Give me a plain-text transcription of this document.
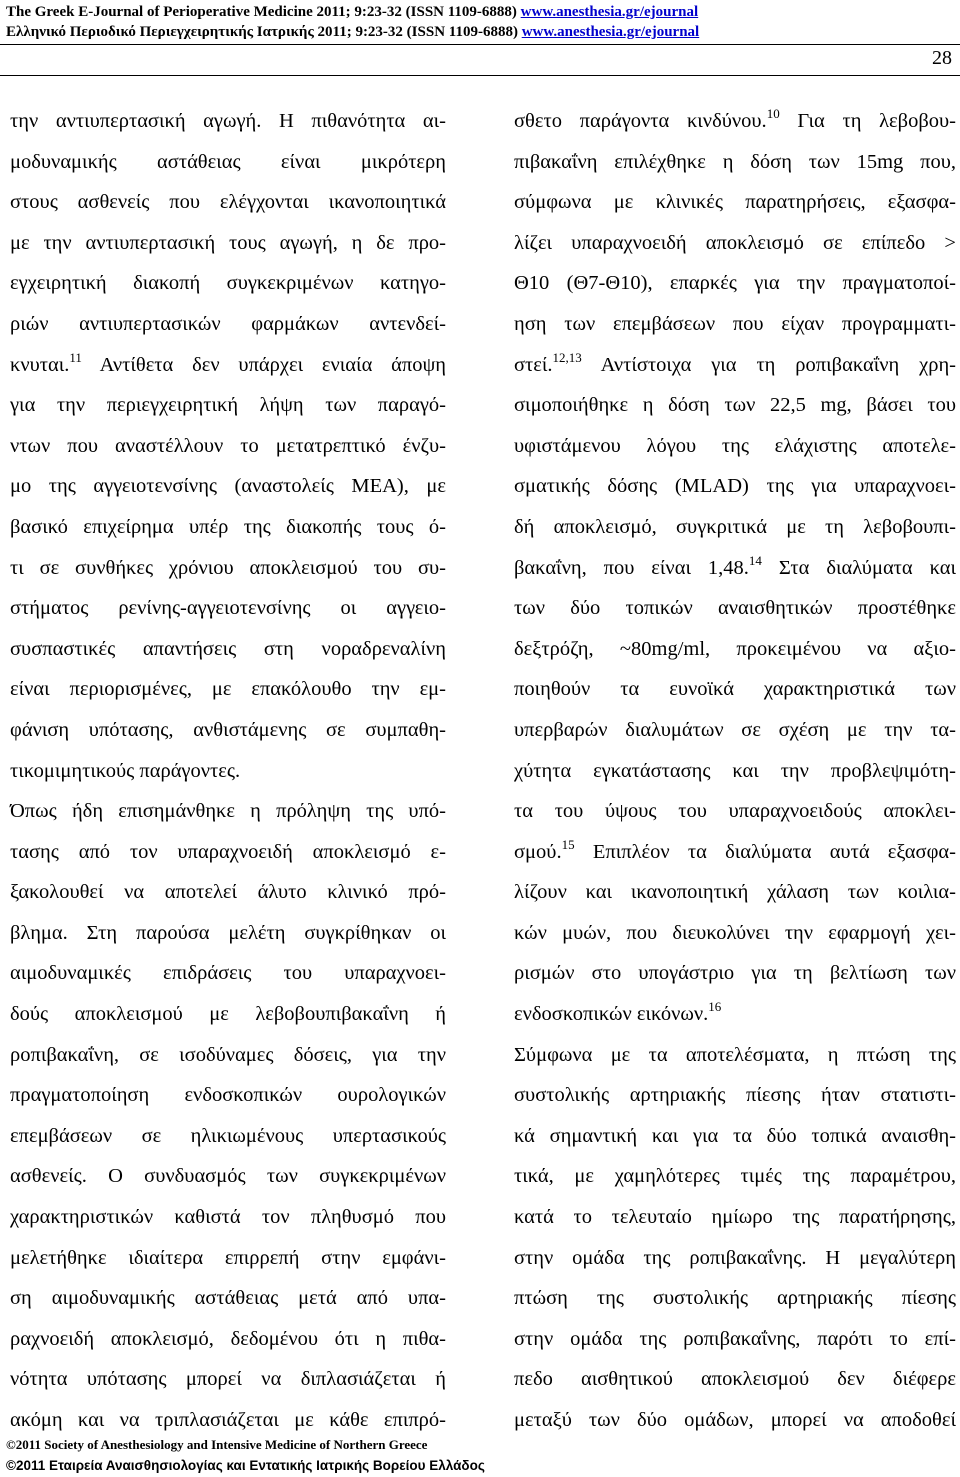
The Greek E-Journal of Perioperative Medicine 2011; 9:23-32 (ISSN 1109-6888) www.anesthesia.gr/ejournal
Ελληνικό Περιοδικό Περιεγχειρητικής Ιατρικής 2011; 9:23-32 (ISSN 1109-6888) www.anesthesia.gr/ejournal
28
την αντιυπερτασική αγωγή. Η πιθανότητα αι-
μοδυναμικής αστάθειας είναι μικρότερη
στους ασθενείς που ελέγχονται ικανοποιητικά
με την αντιυπερτασική τους αγωγή, η δε προ-
εγχειρητική διακοπή συγκεκριμένων κατηγο-
ριών αντιυπερτασικών φαρμάκων αντενδεί-
κνυται.$^{11}$ Αντίθετα δεν υπάρχει ενιαία άποψη
για την περιεγχειρητική λήψη των παραγό-
ντων που αναστέλλουν το μετατρεπτικό ένζυ-
μο της αγγειοτενσίνης (αναστολείς ΜΕΑ), με
βασικό επιχείρημα υπέρ της διακοπής τους ό-
τι σε συνθήκες χρόνιου αποκλεισμού του συ-
στήματος ρενίνης-αγγειοτενσίνης οι αγγειο-
συσπαστικές απαντήσεις στη νοραδρεναλίνη
είναι περιορισμένες, με επακόλουθο την εμ-
φάνιση υπότασης, ανθιστάμενης σε συμπαθη-
τικομιμητικούς παράγοντες.
Όπως ήδη επισημάνθηκε η πρόληψη της υπό-
τασης από τον υπαραχνοειδή αποκλεισμό ε-
ξακολουθεί να αποτελεί άλυτο κλινικό πρό-
βλημα. Στη παρούσα μελέτη συγκρίθηκαν οι
αιμοδυναμικές επιδράσεις του υπαραχνοει-
δούς αποκλεισμού με λεβοβουπιβακαΐνη ή
ροπιβακαΐνη, σε ισοδύναμες δόσεις, για την
πραγματοποίηση ενδοσκοπικών ουρολογικών
επεμβάσεων σε ηλικιωμένους υπερτασικούς
ασθενείς. Ο συνδυασμός των συγκεκριμένων
χαρακτηριστικών καθιστά τον πληθυσμό που
μελετήθηκε ιδιαίτερα επιρρεπή στην εμφάνι-
ση αιμοδυναμικής αστάθειας μετά από υπα-
ραχνοειδή αποκλεισμό, δεδομένου ότι η πιθα-
νότητα υπότασης μπορεί να διπλασιάζεται ή
ακόμη και να τριπλασιάζεται με κάθε επιπρό-
σθετο παράγοντα κινδύνου.$^{10}$ Για τη λεβοβου-
πιβακαΐνη επιλέχθηκε η δόση των 15mg που,
σύμφωνα με κλινικές παρατηρήσεις, εξασφα-
λίζει υπαραχνοειδή αποκλεισμό σε επίπεδο >
Θ10 (Θ7-Θ10), επαρκές για την πραγματοποί-
ηση των επεμβάσεων που είχαν προγραμματι-
στεί.$^{12,13}$ Αντίστοιχα για τη ροπιβακαΐνη χρη-
σιμοποιήθηκε η δόση των 22,5 mg, βάσει του
υφιστάμενου λόγου της ελάχιστης αποτελε-
σματικής δόσης (MLAD) της για υπαραχνοει-
δή αποκλεισμό, συγκριτικά με τη λεβοβουπι-
βακαΐνη, που είναι 1,48.14 Στα διαλύματα και
των δύο τοπικών αναισθητικών προστέθηκε
δεξτρόζη, ~80mg/ml, προκειμένου να αξιο-
ποιηθούν τα ευνοϊκά χαρακτηριστικά των
υπερβαρών διαλυμάτων σε σχέση με την τα-
χύτητα εγκατάστασης και την προβλεψιμότη-
τα του ύψους του υπαραχνοειδούς αποκλει-
σμού.$^{15}$ Επιπλέον τα διαλύματα αυτά εξασφα-
λίζουν και ικανοποιητική χάλαση των κοιλια-
κών μυών, που διευκολύνει την εφαρμογή χει-
ρισμών στο υπογάστριο για τη βελτίωση των
ενδοσκοπικών εικόνων.$^{16}$
Σύμφωνα με τα αποτελέσματα, η πτώση της
συστολικής αρτηριακής πίεσης ήταν στατιστι-
κά σημαντική και για τα δύο τοπικά αναισθη-
τικά, με χαμηλότερες τιμές της παραμέτρου,
κατά το τελευταίο ημίωρο της παρατήρησης,
στην ομάδα της ροπιβακαΐνης. Η μεγαλύτερη
πτώση της συστολικής αρτηριακής πίεσης
στην ομάδα της ροπιβακαΐνης, παρότι το επί-
πεδο αισθητικού αποκλεισμού δεν διέφερε
μεταξύ των δύο ομάδων, μπορεί να αποδοθεί
©2011 Society of Anesthesiology and Intensive Medicine of Northern Greece
©2011 Εταιρεία Αναισθησιολογίας και Εντατικής Ιατρικής Βορείου Ελλάδος
